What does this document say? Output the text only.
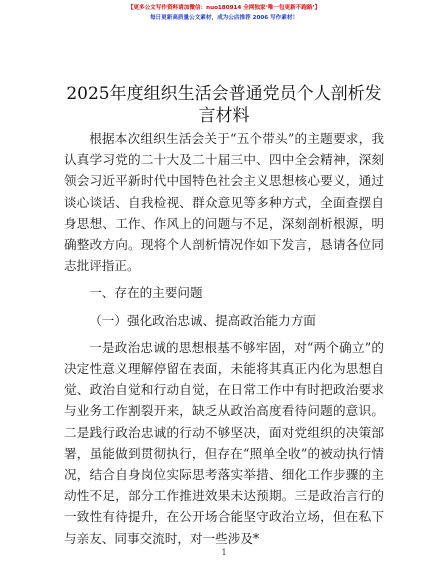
【更多公文写作资料请加微信：nuo180914 全网独家‘唯一包更新不跑路’】
每日更新高质量公文素材，成为公店推荐 2006 写作素材！
2025年度组织生活会普通党员个人剖析发言材料

根据本次组织生活会关于“五个带头”的主题要求，我认真学习党的二十大及二十届三中、四中全会精神，深刻领会习近平新时代中国特色社会主义思想核心要义，通过谈心谈话、自我检视、群众意见等多种方式，全面查摆自身思想、工作、作风上的问题与不足，深刻剖析根源，明确整改方向。现将个人剖析情况作如下发言，恳请各位同志批评指正。

一、存在的主要问题

（一）强化政治忠诚、提高政治能力方面

一是政治忠诚的思想根基不够牢固，对“两个确立”的决定性意义理解停留在表面，未能将其真正内化为思想自觉、政治自觉和行动自觉，在日常工作中有时把政治要求与业务工作割裂开来，缺乏从政治高度看待问题的意识。二是践行政治忠诚的行动不够坚决，面对党组织的决策部署，虽能做到贯彻执行，但存在“照单全收”的被动执行情况，结合自身岗位实际思考落实举措、细化工作步骤的主动性不足，部分工作推进效果未达预期。三是政治言行的一致性有待提升，在公开场合能坚守政治立场，但在私下与亲友、同事交流时，对一些涉及*

1
